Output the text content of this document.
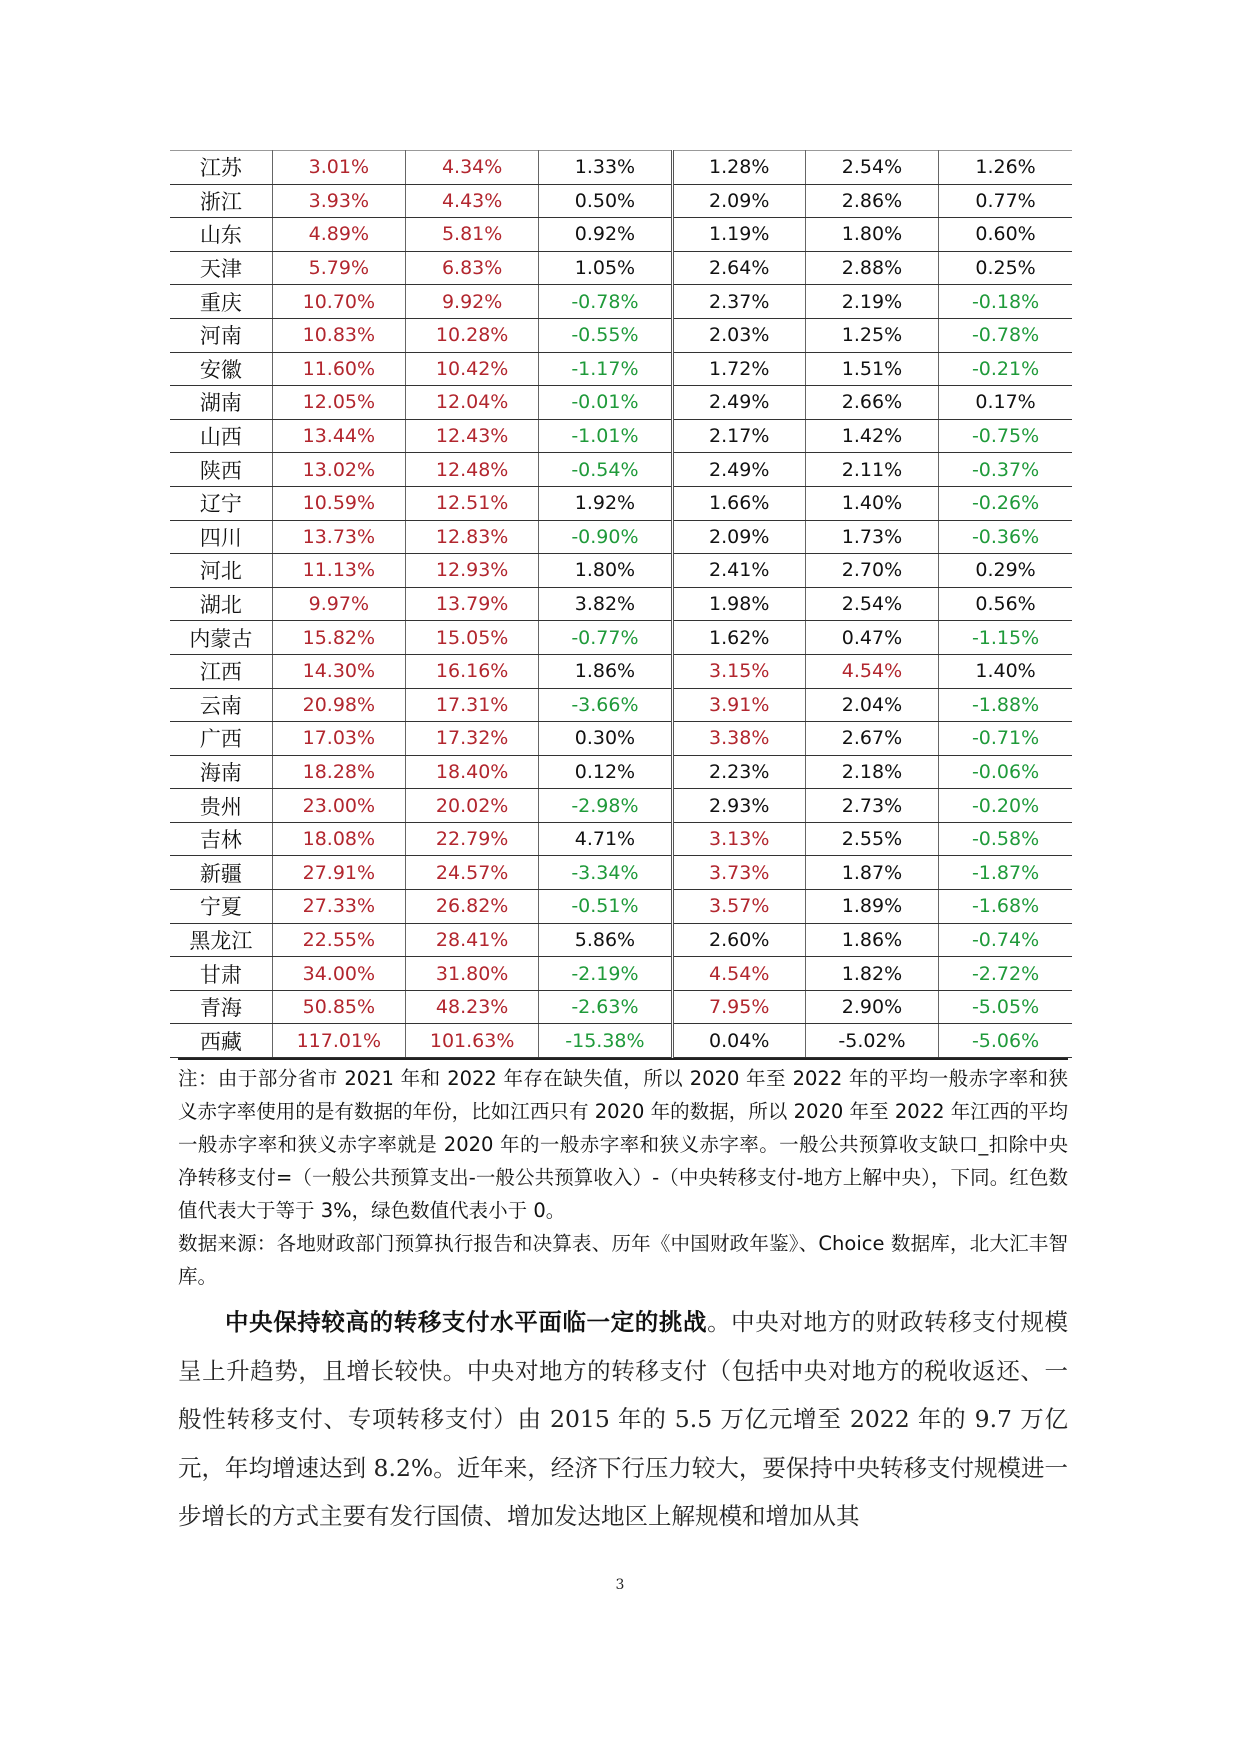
江苏	3.01%	4.34%	1.33%	1.28%	2.54%	1.26%
浙江	3.93%	4.43%	0.50%	2.09%	2.86%	0.77%
山东	4.89%	5.81%	0.92%	1.19%	1.80%	0.60%
天津	5.79%	6.83%	1.05%	2.64%	2.88%	0.25%
重庆	10.70%	9.92%	-0.78%	2.37%	2.19%	-0.18%
河南	10.83%	10.28%	-0.55%	2.03%	1.25%	-0.78%
安徽	11.60%	10.42%	-1.17%	1.72%	1.51%	-0.21%
湖南	12.05%	12.04%	-0.01%	2.49%	2.66%	0.17%
山西	13.44%	12.43%	-1.01%	2.17%	1.42%	-0.75%
陕西	13.02%	12.48%	-0.54%	2.49%	2.11%	-0.37%
辽宁	10.59%	12.51%	1.92%	1.66%	1.40%	-0.26%
四川	13.73%	12.83%	-0.90%	2.09%	1.73%	-0.36%
河北	11.13%	12.93%	1.80%	2.41%	2.70%	0.29%
湖北	9.97%	13.79%	3.82%	1.98%	2.54%	0.56%
内蒙古	15.82%	15.05%	-0.77%	1.62%	0.47%	-1.15%
江西	14.30%	16.16%	1.86%	3.15%	4.54%	1.40%
云南	20.98%	17.31%	-3.66%	3.91%	2.04%	-1.88%
广西	17.03%	17.32%	0.30%	3.38%	2.67%	-0.71%
海南	18.28%	18.40%	0.12%	2.23%	2.18%	-0.06%
贵州	23.00%	20.02%	-2.98%	2.93%	2.73%	-0.20%
吉林	18.08%	22.79%	4.71%	3.13%	2.55%	-0.58%
新疆	27.91%	24.57%	-3.34%	3.73%	1.87%	-1.87%
宁夏	27.33%	26.82%	-0.51%	3.57%	1.89%	-1.68%
黑龙江	22.55%	28.41%	5.86%	2.60%	1.86%	-0.74%
甘肃	34.00%	31.80%	-2.19%	4.54%	1.82%	-2.72%
青海	50.85%	48.23%	-2.63%	7.95%	2.90%	-5.05%
西藏	117.01%	101.63%	-15.38%	0.04%	-5.02%	-5.06%

注：由于部分省市 2021 年和 2022 年存在缺失值，所以 2020 年至 2022 年的平均一般赤字率和狭义赤字率使用的是有数据的年份，比如江西只有 2020 年的数据，所以 2020 年至 2022 年江西的平均一般赤字率和狭义赤字率就是 2020 年的一般赤字率和狭义赤字率。一般公共预算收支缺口_扣除中央净转移支付=（一般公共预算支出-一般公共预算收入）-（中央转移支付-地方上解中央），下同。红色数值代表大于等于 3%，绿色数值代表小于 0。

数据来源：各地财政部门预算执行报告和决算表、历年《中国财政年鉴》、Choice 数据库，北大汇丰智库。

中央保持较高的转移支付水平面临一定的挑战。中央对地方的财政转移支付规模呈上升趋势，且增长较快。中央对地方的转移支付（包括中央对地方的税收返还、一般性转移支付、专项转移支付）由 2015 年的 5.5 万亿元增至 2022 年的 9.7 万亿元，年均增速达到 8.2%。近年来，经济下行压力较大，要保持中央转移支付规模进一步增长的方式主要有发行国债、增加发达地区上解规模和增加从其
3
